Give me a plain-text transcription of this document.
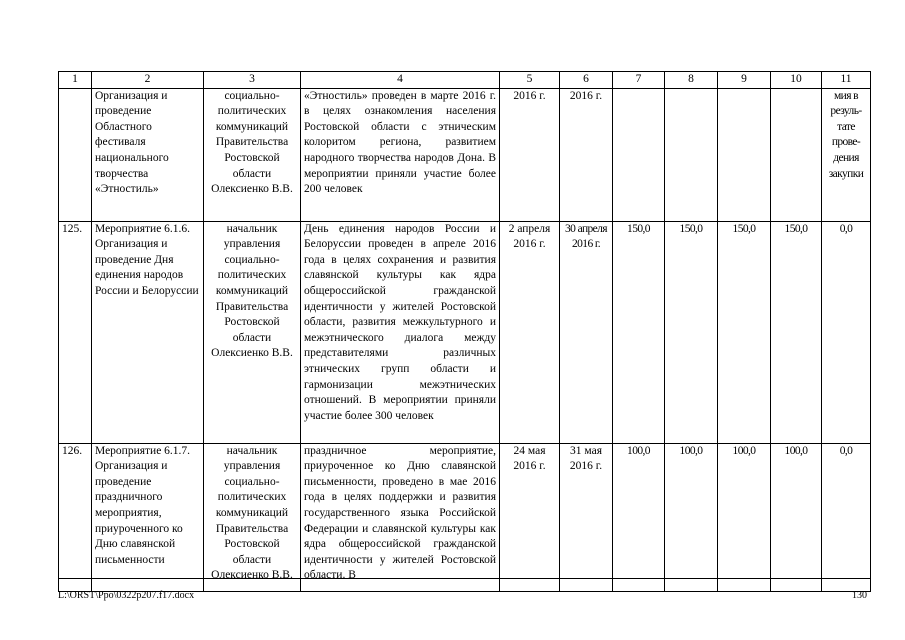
1	2	3	4	5	6	7	8	9	10	11
	Организация и проведение Областного фестиваля национального творчества «Этностиль»	социально-политических коммуникаций Правительства Ростовской области Олексиенко В.В.	«Этностиль» проведен в марте 2016 г. в целях ознакомления населения Ростовской области с этническим колоритом региона, развитием народного творчества народов Дона. В мероприятии приняли участие более 200 человек	2016 г.	2016 г.					мия в резуль-тате прове-дения закупки
125.	Мероприятие 6.1.6. Организация и проведение Дня единения народов России и Белоруссии	начальник управления социально-политических коммуникаций Правительства Ростовской области Олексиенко В.В.	День единения народов России и Белоруссии проведен в апреле 2016 года в целях сохранения и развития славянской культуры как ядра общероссийской гражданской идентичности у жителей Ростовской области, развития межкультурного и межэтнического диалога между представителями различных этнических групп области и гармонизации межэтнических отношений. В мероприятии приняли участие более 300 человек	2 апреля 2016 г.	30 апреля 2016 г.	150,0	150,0	150,0	150,0	0,0
126.	Мероприятие 6.1.7. Организация и проведение праздничного мероприятия, приуроченного ко Дню славянской письменности	начальник управления социально-политических коммуникаций Правительства Ростовской области Олексиенко В.В.	праздничное мероприятие, приуроченное ко Дню славянской письменности, проведено в мае 2016 года в целях поддержки и развития государственного языка Российской Федерации и славянской культуры как ядра общероссийской гражданской идентичности у жителей Ростовской области. В	24 мая 2016 г.	31 мая 2016 г.	100,0	100,0	100,0	100,0	0,0
L:\ORST\Ppo\0322p207.f17.docx	130
